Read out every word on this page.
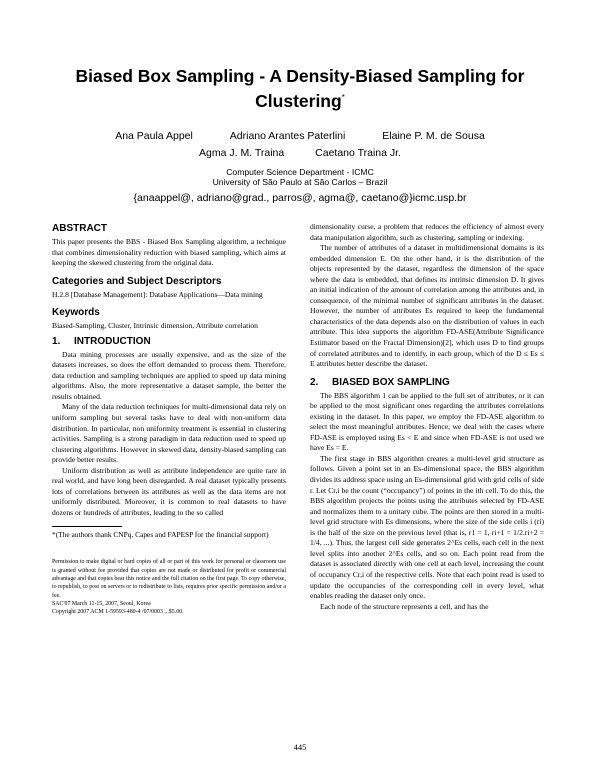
Biased Box Sampling - A Density-Biased Sampling for
Clustering*
Ana Paula Appel	Adriano Arantes Paterlini	Elaine P. M. de Sousa
Agma J. M. Traina	Caetano Traina Jr.
Computer Science Department - ICMC
University of São Paulo at São Carlos – Brazil
{anaappel@, adriano@grad., parros@, agma@, caetano@}icmc.usp.br
ABSTRACT

This paper presents the BBS - Biased Box Sampling algorithm, a technique that combines dimensionality reduction with biased sampling, which aims at keeping the skewed clustering from the original data.

Categories and Subject Descriptors

H.2.8 [Database Management]: Database Applications—Data mining

Keywords

Biased-Sampling, Cluster, Intrinsic dimension, Attribute correlation

1. INTRODUCTION

Data mining processes are usually expensive, and as the size of the datasets increases, so does the effort demanded to process them. Therefore, data reduction and sampling techniques are applied to speed up data mining algorithms. Also, the more representative a dataset sample, the better the results obtained.

Many of the data reduction techniques for multi-dimensional data rely on uniform sampling but several tasks have to deal with non-uniform data distribution. In particular, non uniformity treatment is essential in clustering activities. Sampling is a strong paradigm in data reduction used to speed up clustering algorithms. However in skewed data, density-biased sampling can provide better results.

Uniform distribution as well as attribute independence are quite rare in real world, and have long been disregarded. A real dataset typically presents lots of correlations between its attributes as well as the data items are not uniformly distributed. Moreover, it is common to real datasets to have dozens or hundreds of attributes, leading to the so called

*(The authors thank CNPq, Capes and FAPESP for the financial support)

Permission to make digital or hard copies of all or part of this work for personal or classroom use is granted without fee provided that copies are not made or distributed for profit or commercial advantage and that copies bear this notice and the full citation on the first page. To copy otherwise, to republish, to post on servers or to redistribute to lists, requires prior specific permission and/or a fee.

SAC'07 March 11-15, 2007, Seoul, Korea

Copyright 2007 ACM 1-59593-480-4 /07/0003 ...$5.00.

dimensionality curse, a problem that reduces the efficiency of almost every data manipulation algorithm, such as clustering, sampling or indexing.

The number of attributes of a dataset in multidimensional domains is its embedded dimension E. On the other hand, it is the distribution of the objects represented by the dataset, regardless the dimension of the space where the data is embedded, that defines its intrinsic dimension D. It gives an initial indication of the amount of correlation among the attributes and, in consequence, of the minimal number of significant attributes in the dataset. However, the number of attributes Es required to keep the fundamental characteristics of the data depends also on the distribution of values in each attribute. This idea supports the algorithm FD-ASE(Attribute Significance Estimator based on the Fractal Dimension)[2], which uses D to find groups of correlated attributes and to identify, in each group, which of the D ≤ Es ≤ E attributes better describe the dataset.

2. BIASED BOX SAMPLING

The BBS algorithm 1 can be applied to the full set of attributes, or it can be applied to the most significant ones regarding the attributes correlations existing in the dataset. In this paper, we employ the FD-ASE algorithm to select the most meaningful attributes. Hence, we deal with the cases where FD-ASE is employed using Es < E and since when FD-ASE is not used we have Es = E.

The first stage in BBS algorithm creates a multi-level grid structure as follows. Given a point set in an Es-dimensional space, the BBS algorithm divides its address space using an Es-dimensional grid with grid cells of side r. Let Cr,i be the count (“occupancy”) of points in the ith cell. To do this, the BBS algorithm projects the points using the attributes selected by FD-ASE and normalizes them to a unitary cube. The points are then stored in a multi-level grid structure with Es dimensions, where the size of the side cells i (ri) is the half of the size on the previous level (that is, r1 = 1, ri+1 = 1/2.ri+2 = 1/4, ...). Thus, the largest cell side generates 2^Es cells, each cell in the next level splits into another 2^Es cells, and so on. Each point read from the dataset is associated directly with one cell at each level, increasing the count of occupancy Cr,i of the respective cells. Note that each point read is used to update the occupancies of the corresponding cell in every level, what enables reading the dataset only once.

Each node of the structure represents a cell, and has the

445
